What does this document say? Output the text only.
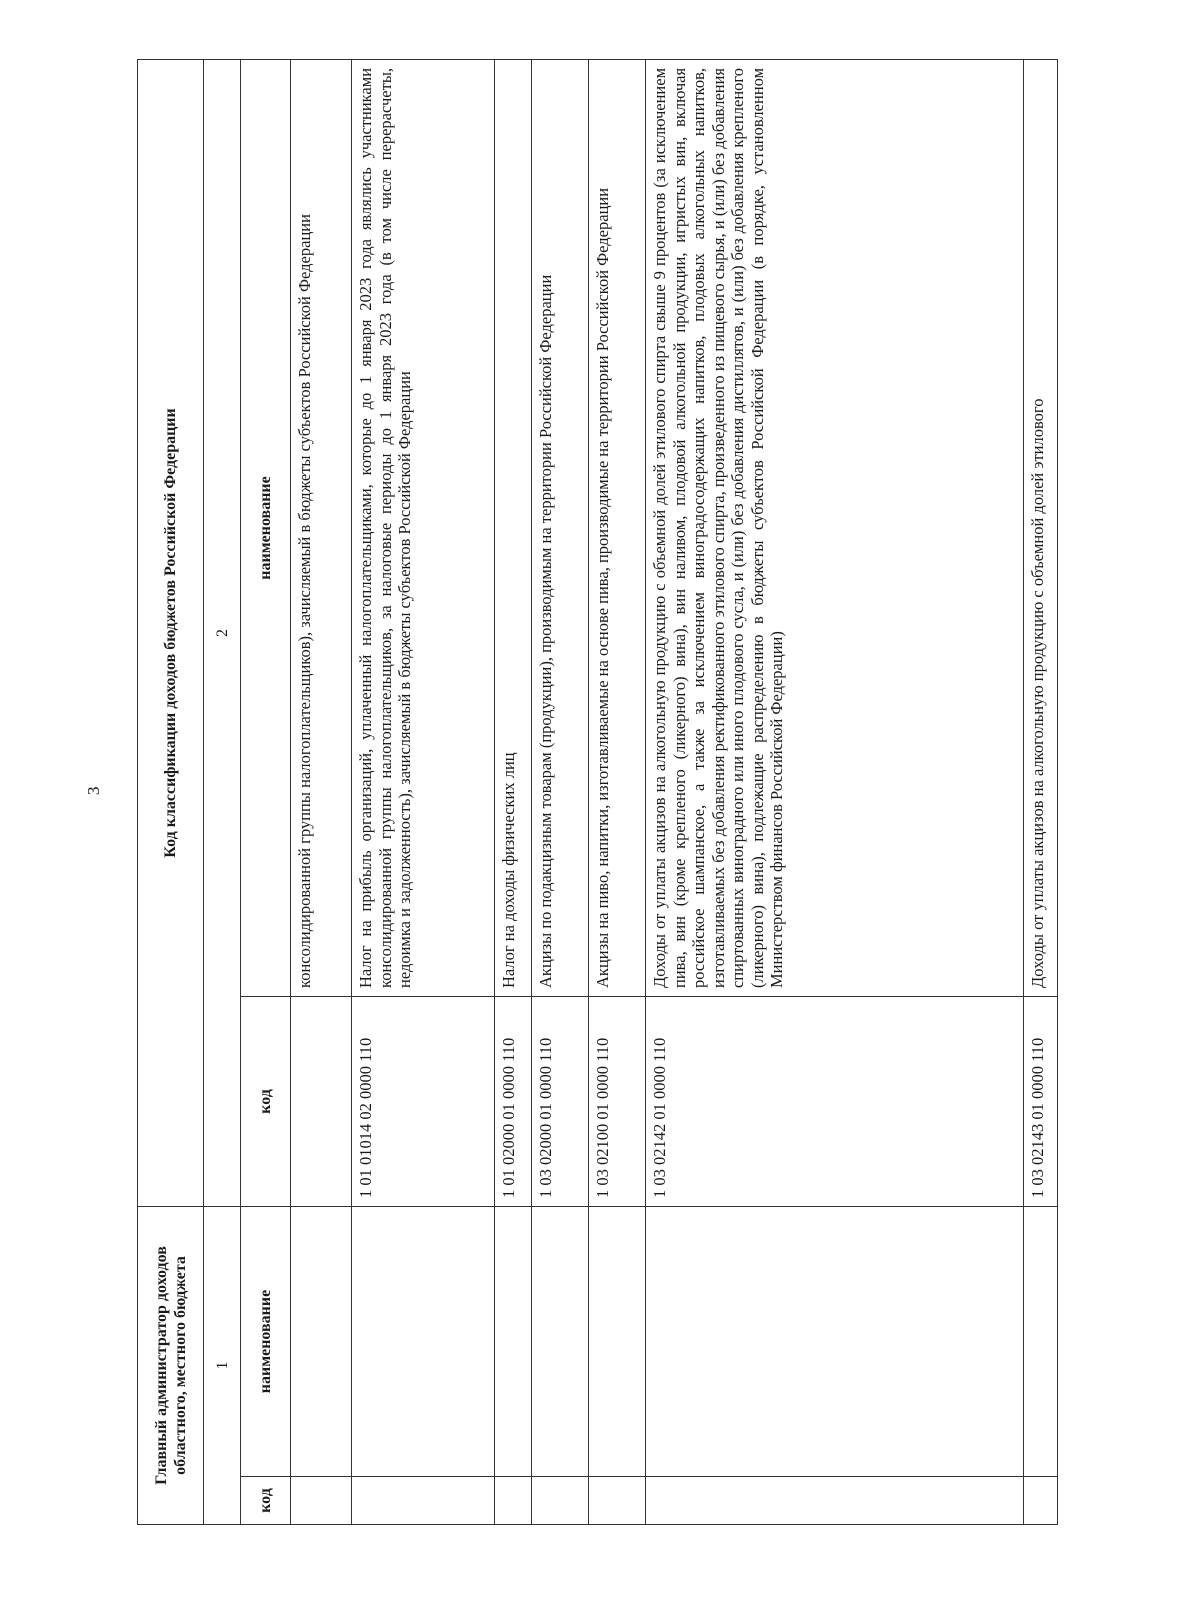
3
Главный администратор доходов областного, местного бюджета		Код классификации доходов бюджетов Российской Федерации	
1		2	
код	наименование	код	наименование
			консолидированной группы налогоплательщиков), зачисляемый в бюджеты субъектов Российской Федерации
		1 01 01014 02 0000 110	Налог на прибыль организаций, уплаченный налогоплательщиками, которые до 1 января 2023 года являлись участниками консолидированной группы налогоплательщиков, за налоговые периоды до 1 января 2023 года (в том числе перерасчеты, недоимка и задолженность), зачисляемый в бюджеты субъектов Российской Федерации
		1 01 02000 01 0000 110	Налог на доходы физических лиц
		1 03 02000 01 0000 110	Акцизы по подакцизным товарам (продукции), производимым на территории Российской Федерации
		1 03 02100 01 0000 110	Акцизы на пиво, напитки, изготавливаемые на основе пива, производимые на территории Российской Федерации
		1 03 02142 01 0000 110	Доходы от уплаты акцизов на алкогольную продукцию с объемной долей этилового спирта свыше 9 процентов (за исключением пива, вин (кроме крепленого (ликерного) вина), вин наливом, плодовой алкогольной продукции, игристых вин, включая российское шампанское, а также за исключением виноградосодержащих напитков, плодовых алкогольных напитков, изготавливаемых без добавления ректификованного этилового спирта, произведенного из пищевого сырья, и (или) без добавления спиртованных виноградного или иного плодового сусла, и (или) без добавления дистиллятов, и (или) без добавления крепленого (ликерного) вина), подлежащие распределению в бюджеты субъектов Российской Федерации (в порядке, установленном Министерством финансов Российской Федерации)
		1 03 02143 01 0000 110	Доходы от уплаты акцизов на алкогольную продукцию с объемной долей этилового
